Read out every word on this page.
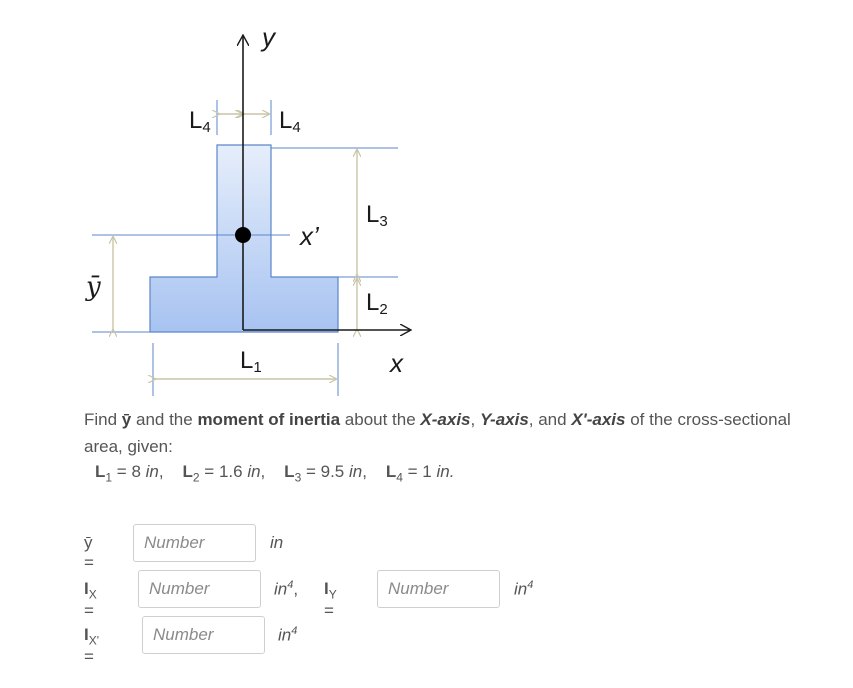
y
x
x’
ȳ
L4	L4
L3
L2
L1
Find ȳ and the moment of inertia about the X-axis, Y-axis, and X'-axis of the cross-sectional area, given:
$L_1 = 8$ in,    $L_2 = 1.6$ in,    $L_3 = 9.5$ in,    $L_4 = 1$ in.
ȳ =
Number
in
$I_X$ =
Number
$in^4$, $I_Y$ =
Number
$in^4$
$I_{X'}$ =
Number
$in^4$
